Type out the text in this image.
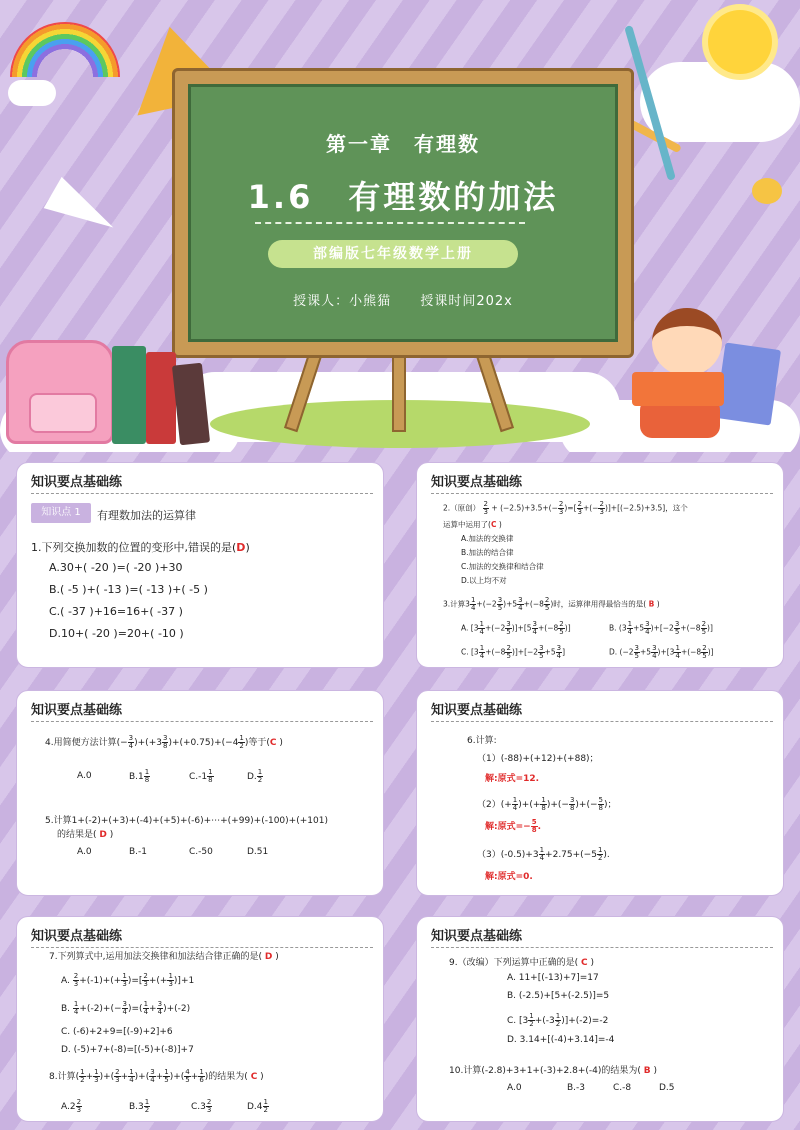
第一章　有理数
1.6　有理数的加法
部编版七年级数学上册
授课人：小熊猫 授课时间202x
知识要点基础练
知识点 1	有理数加法的运算律
1.下列交换加数的位置的变形中,错误的是(D)
A.30+( -20 )=( -20 )+30
B.( -5 )+( -13 )=( -13 )+( -5 )
C.( -37 )+16=16+( -37 )
D.10+( -20 )=20+( -10 )
知识要点基础练
2.（原创） $\frac{2}{3} + (-2.5)+3.5+(- \frac{2}{3}$ )=[ $\frac{2}{3}$ +(− $\frac{2}{3} )]+[(-2.5)+3.5]$，这个
运算中运用了(C )
A.加法的交换律
B.加法的结合律
C.加法的交换律和结合律
D.以上均不对
3.计算$3 \frac{1}{4} +(-2 \frac{3}{5} )+5 \frac{3}{4} +(-8 \frac{2}{5}$ )时，运算律用得最恰当的是( B )
A. $[3 \frac{1}{4} +(-2 \frac{3}{5} )]+[5 \frac{3}{4} +(-8 \frac{2}{5}$ )]	B. $(3 \frac{1}{4} +5 \frac{3}{4} )+[-2 \frac{3}{5} +(-8 \frac{2}{5}$ )]
C. $[3 \frac{1}{4} +(-8 \frac{2}{5} )]+[-2 \frac{3}{5} +5 \frac{3}{4}$ ]	D. $(-2 \frac{3}{5} +5 \frac{3}{4} )+[3 \frac{1}{4} +(-8 \frac{2}{5}$ )]
知识要点基础练
4.用简便方法计算(− $\frac{3}{4} )+(+3 \frac{3}{8} )+(+0.75)+(-4 \frac{1}{2}$ )等于(C )
A.0	$B.1 \frac{1}{8}$	$C.-1 \frac{1}{8}$	D. $\frac{1}{2}$
5.计算1+(-2)+(+3)+(-4)+(+5)+(-6)+⋯+(+99)+(-100)+(+101)
的结果是( D )
A.0	B.-1	C.-50	D.51
知识要点基础练
6.计算:
（1）(-88)+(+12)+(+88)；
解:原式=12.
$(2)(+ \frac{1}{4}$ )+(+ $\frac{1}{8}$ )+(− $\frac{3}{8}$ )+(− $\frac{5}{8}$ )；
解:原式=− $\frac{5}{8}$ .
$(3)(-0.5)+3 \frac{1}{4} +2.75+(-5 \frac{1}{2}$ ).
解:原式=0.
知识要点基础练
7.下列算式中,运用加法交换律和加法结合律正确的是( D )
A. $\frac{2}{3} +(-1)+(+ \frac{1}{3}$ )=[ $\frac{2}{3}$ +(+ $\frac{1}{3} )]+1$
B. $\frac{1}{4} +(-2)+(- \frac{3}{4}$ )=( $\frac{1}{4} + \frac{3}{4} )+(-2)$
C. (-6)+2+9=[(-9)+2]+6
D. (-5)+7+(-8)=[(-5)+(-8)]+7
8.计算( $\frac{1}{2} + \frac{1}{3}$ )+( $\frac{2}{3} + \frac{1}{4}$ )+( $\frac{3}{4} + \frac{1}{5}$ )+( $\frac{4}{5} + \frac{1}{6}$ )的结果为( C )
$A.2 \frac{2}{3}$	$B.3 \frac{1}{2}$	$C.3 \frac{2}{3}$	$D.4 \frac{1}{2}$
知识要点基础练
9.（改编）下列运算中正确的是( C )
A. 11+[(-13)+7]=17
B. (-2.5)+[5+(-2.5)]=5
C. $[3 \frac{1}{2} +(-3 \frac{1}{2} )]+(-2)=-2$
D. 3.14+[(-4)+3.14]=-4
10.计算(-2.8)+3+1+(-3)+2.8+(-4)的结果为( B )
A.0	B.-3	C.-8	D.5
